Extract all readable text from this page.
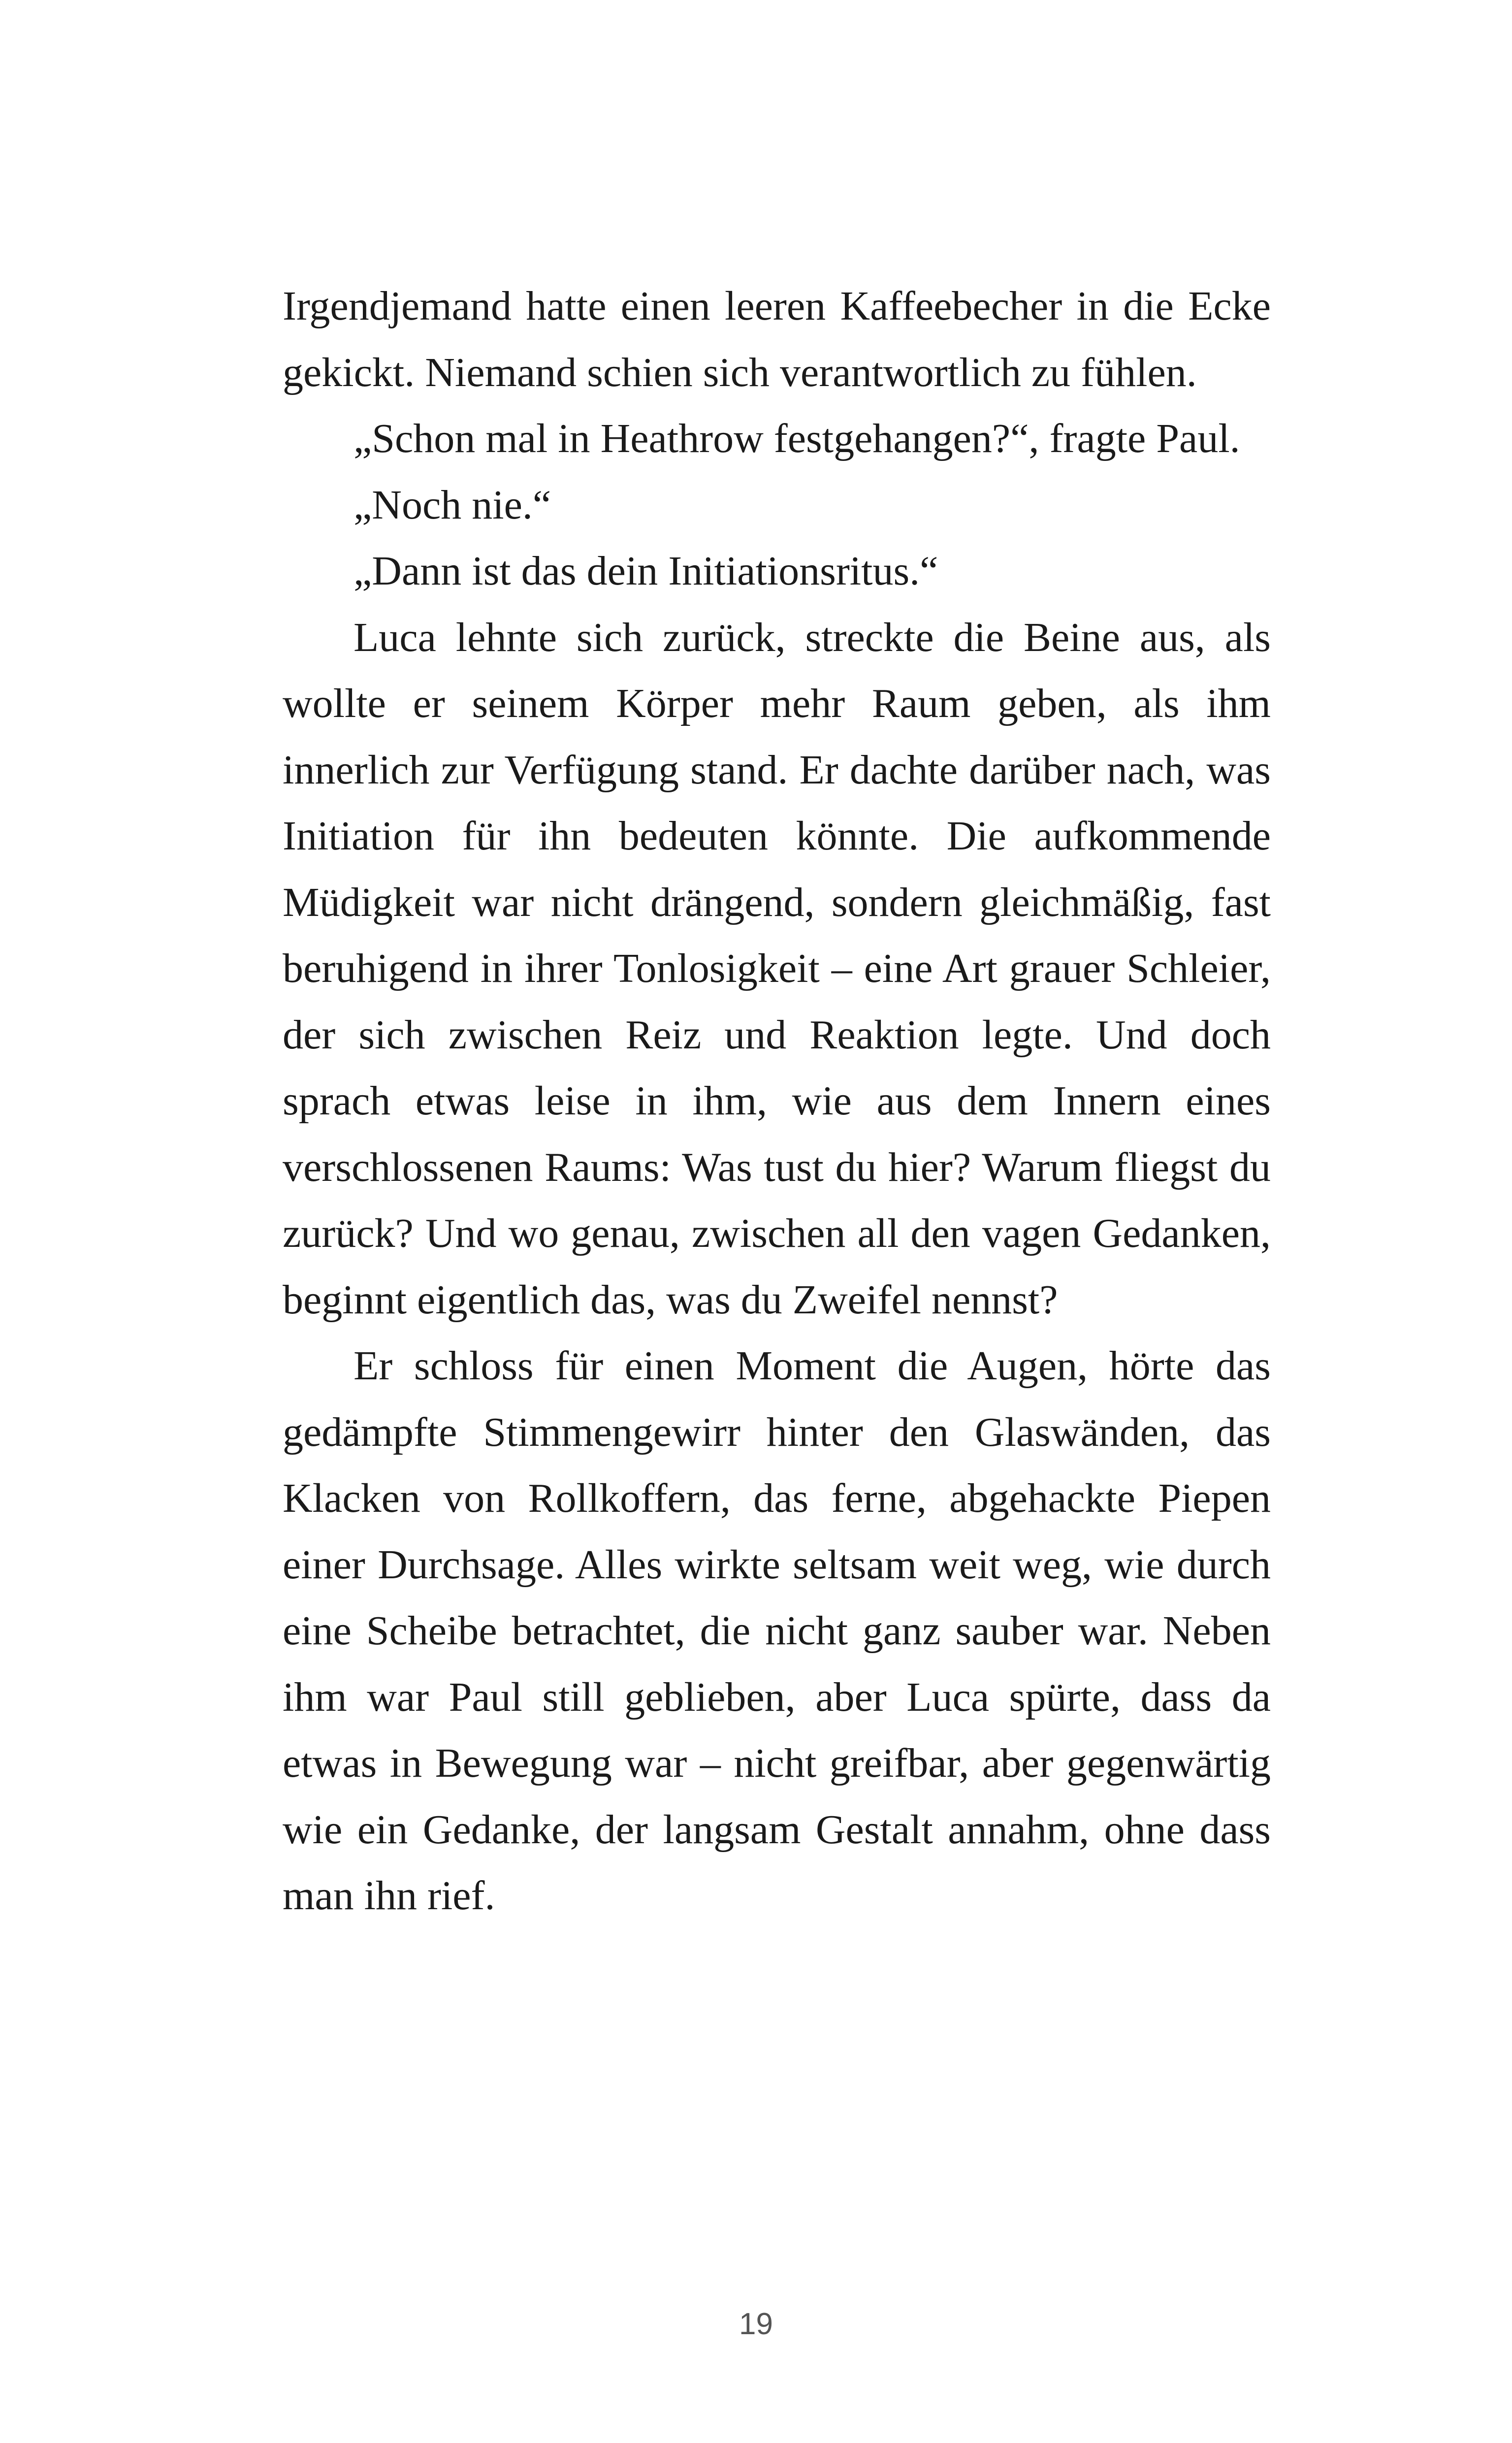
Irgendjemand hatte einen leeren Kaffeebecher in die Ecke gekickt. Niemand schien sich verantwortlich zu fühlen.

„Schon mal in Heathrow festgehangen?“, fragte Paul.

„Noch nie.“

„Dann ist das dein Initiationsritus.“

Luca lehnte sich zurück, streckte die Beine aus, als wollte er seinem Körper mehr Raum geben, als ihm innerlich zur Verfügung stand. Er dachte darüber nach, was Initiation für ihn bedeuten könnte. Die aufkommende Müdigkeit war nicht drängend, sondern gleichmäßig, fast beruhigend in ihrer Tonlosigkeit – eine Art grauer Schleier, der sich zwischen Reiz und Reaktion legte. Und doch sprach etwas leise in ihm, wie aus dem Innern eines verschlossenen Raums: Was tust du hier? Warum fliegst du zurück? Und wo genau, zwischen all den vagen Gedanken, beginnt eigentlich das, was du Zweifel nennst?

Er schloss für einen Moment die Augen, hörte das gedämpfte Stimmengewirr hinter den Glaswänden, das Klacken von Rollkoffern, das ferne, abgehackte Piepen einer Durchsage. Alles wirkte seltsam weit weg, wie durch eine Scheibe betrachtet, die nicht ganz sauber war. Neben ihm war Paul still geblieben, aber Luca spürte, dass da etwas in Bewegung war – nicht greifbar, aber gegenwärtig wie ein Gedanke, der langsam Gestalt annahm, ohne dass man ihn rief.

19
